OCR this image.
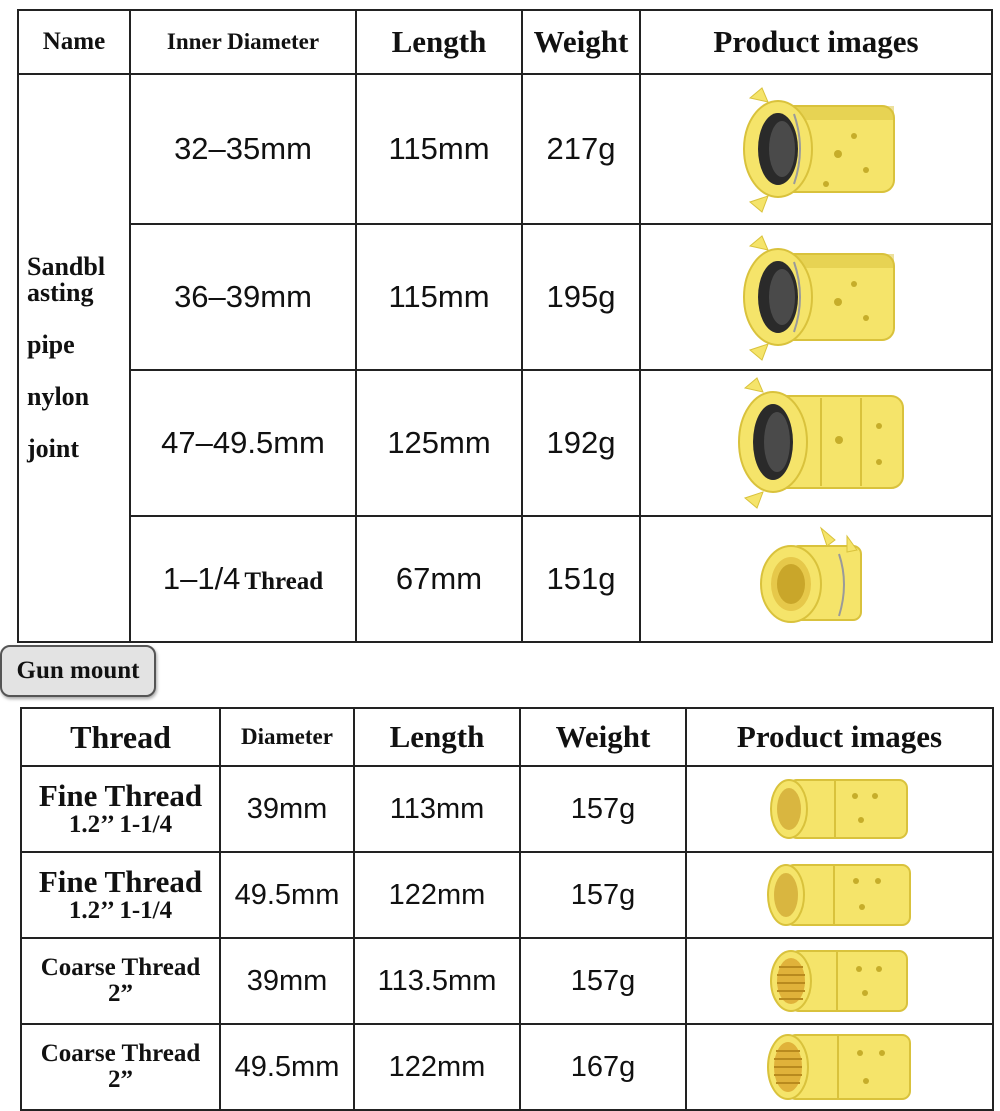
Name	Inner Diameter	Length	Weight	Product images

Sandbl
asting
pipe
nylon
joint	32–35mm	115mm	217g	

	36–39mm	115mm	195g	

	47–49.5mm	125mm	192g	

	1–1/4 Thread	67mm	151g	
Gun mount
Thread	Diameter	Length	Weight	Product images

Fine Thread
1.2’’ 1-1/4	39mm	113mm	157g	

Fine Thread
1.2’’ 1-1/4	49.5mm	122mm	157g	

Coarse Thread
2”	39mm	113.5mm	157g	

Coarse Thread
2”	49.5mm	122mm	167g	
